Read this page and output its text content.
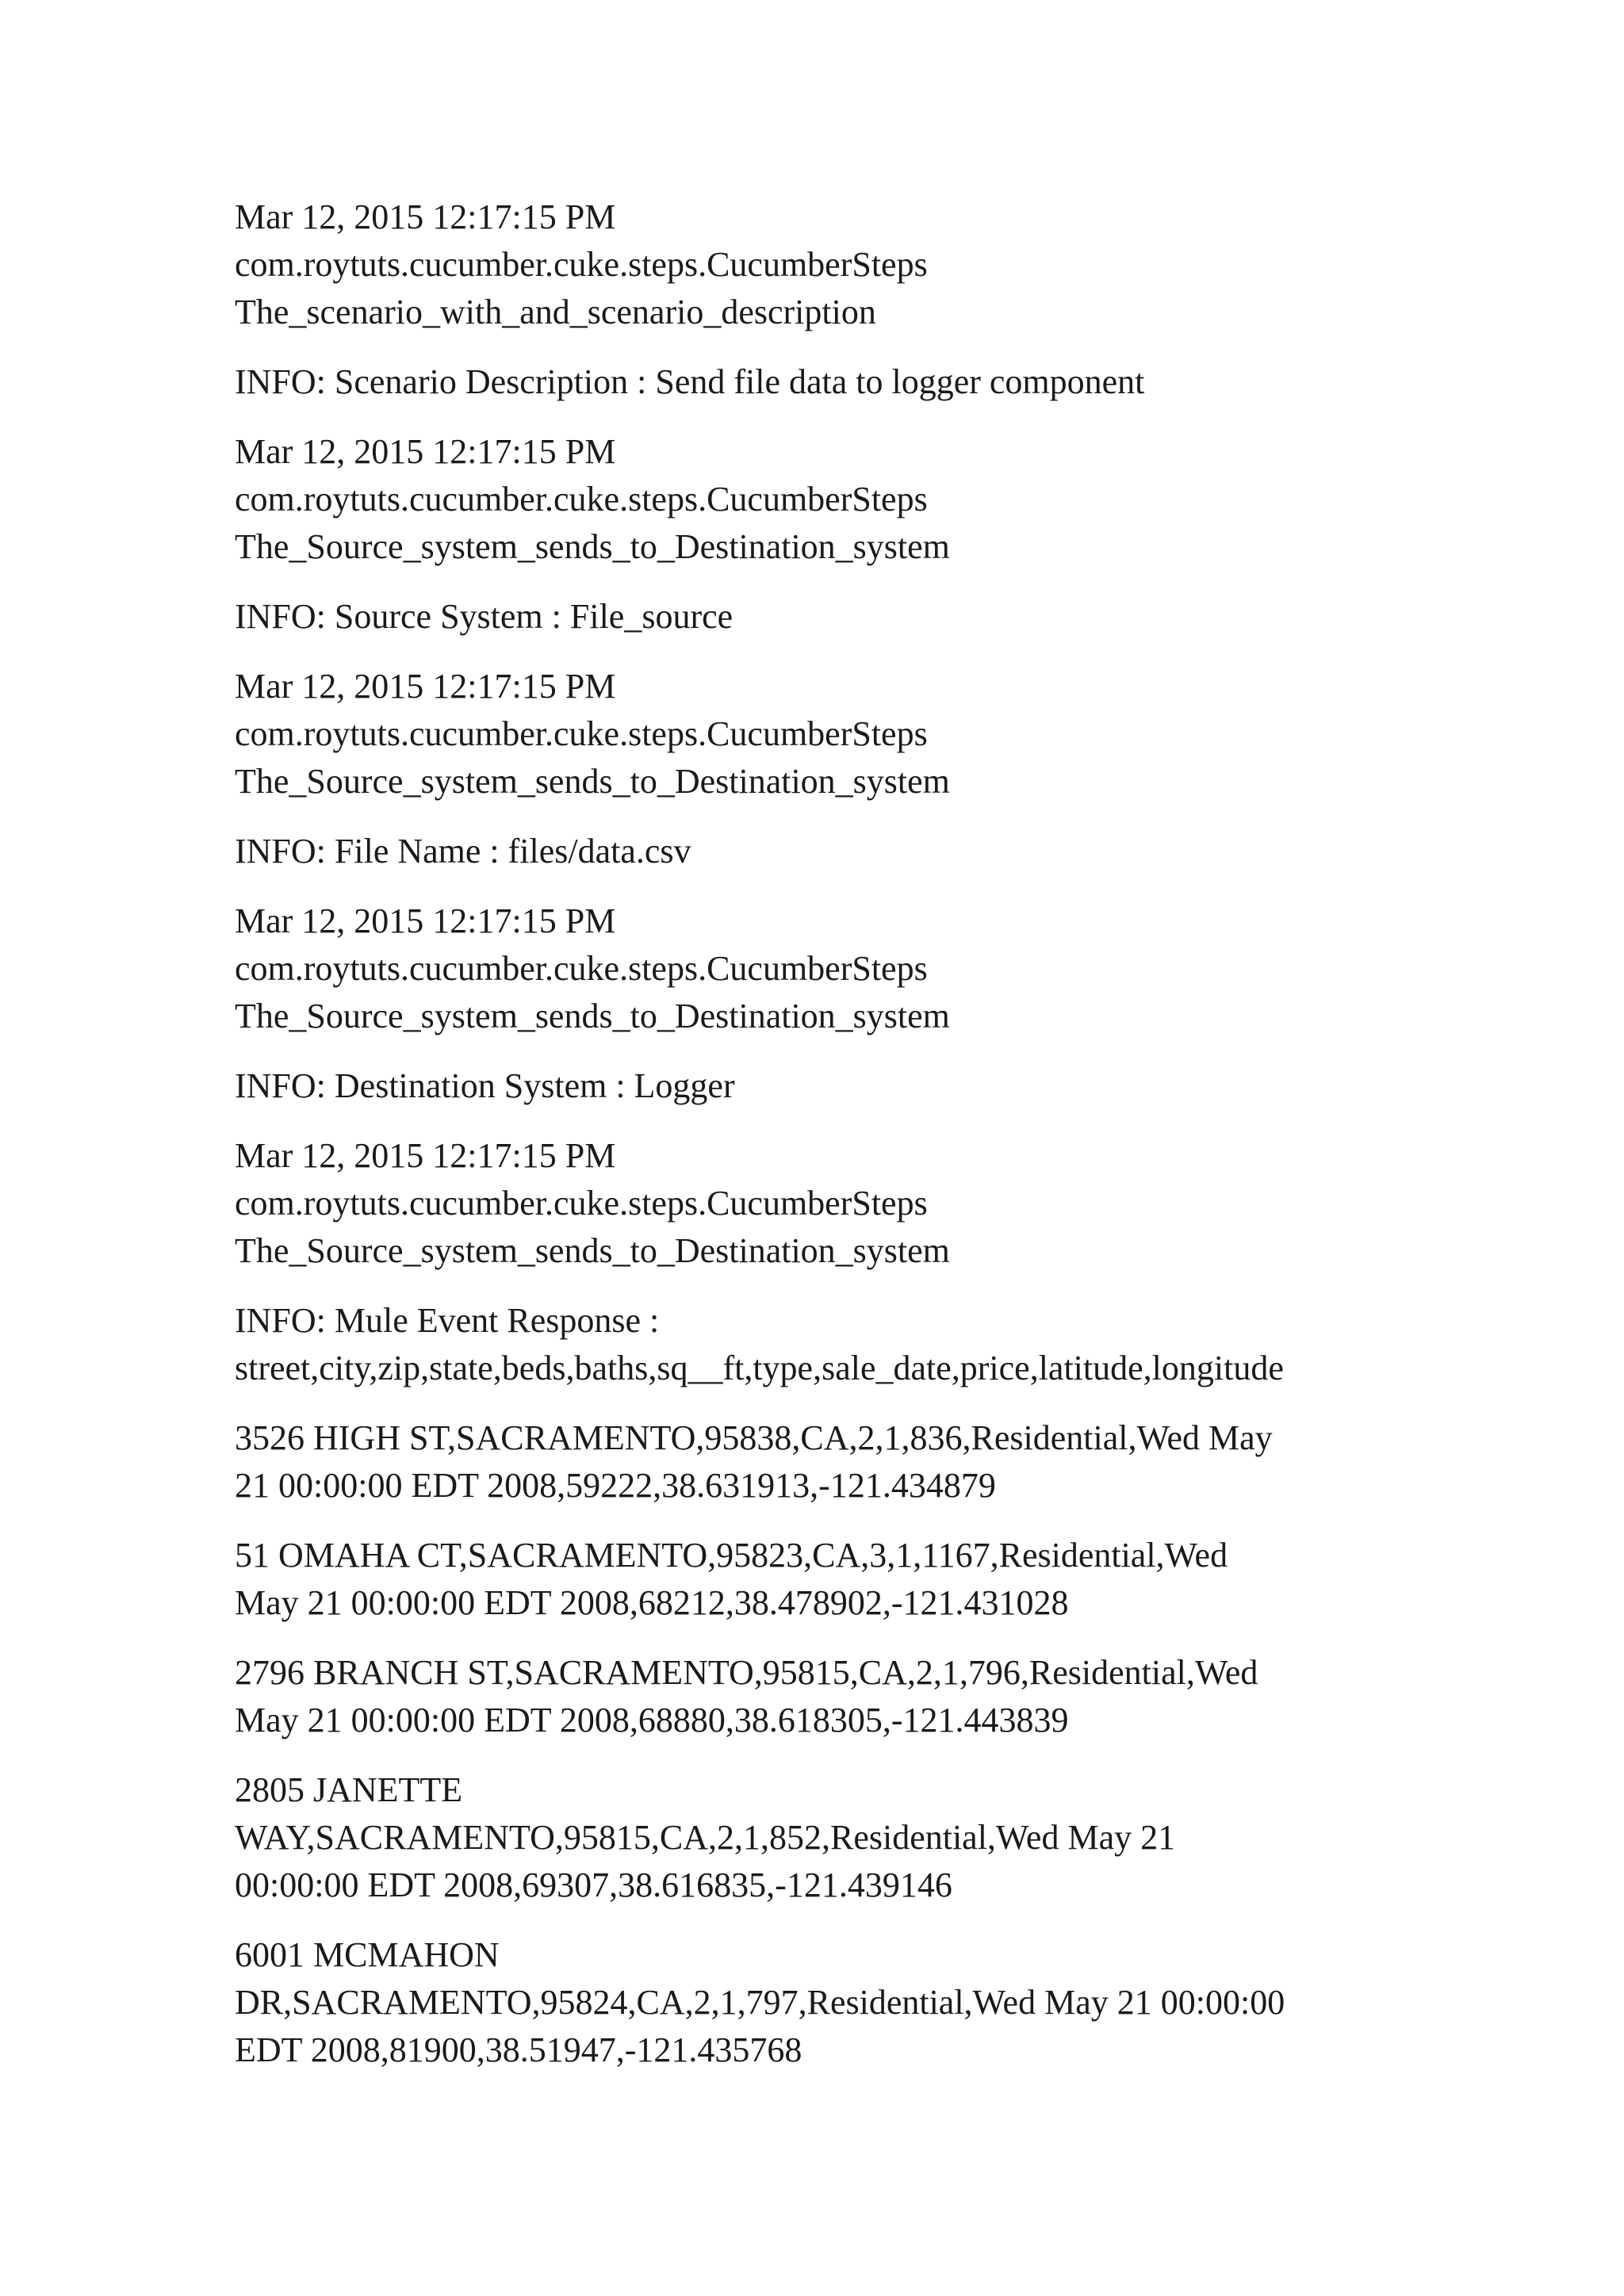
Mar 12, 2015 12:17:15 PM
com.roytuts.cucumber.cuke.steps.CucumberSteps
The_scenario_with_and_scenario_description
INFO: Scenario Description : Send file data to logger component
Mar 12, 2015 12:17:15 PM
com.roytuts.cucumber.cuke.steps.CucumberSteps
The_Source_system_sends_to_Destination_system
INFO: Source System : File_source
Mar 12, 2015 12:17:15 PM
com.roytuts.cucumber.cuke.steps.CucumberSteps
The_Source_system_sends_to_Destination_system
INFO: File Name : files/data.csv
Mar 12, 2015 12:17:15 PM
com.roytuts.cucumber.cuke.steps.CucumberSteps
The_Source_system_sends_to_Destination_system
INFO: Destination System : Logger
Mar 12, 2015 12:17:15 PM
com.roytuts.cucumber.cuke.steps.CucumberSteps
The_Source_system_sends_to_Destination_system
INFO: Mule Event Response :
street,city,zip,state,beds,baths,sq__ft,type,sale_date,price,latitude,longitude
3526 HIGH ST,SACRAMENTO,95838,CA,2,1,836,Residential,Wed May
21 00:00:00 EDT 2008,59222,38.631913,-121.434879
51 OMAHA CT,SACRAMENTO,95823,CA,3,1,1167,Residential,Wed
May 21 00:00:00 EDT 2008,68212,38.478902,-121.431028
2796 BRANCH ST,SACRAMENTO,95815,CA,2,1,796,Residential,Wed
May 21 00:00:00 EDT 2008,68880,38.618305,-121.443839
2805 JANETTE
WAY,SACRAMENTO,95815,CA,2,1,852,Residential,Wed May 21
00:00:00 EDT 2008,69307,38.616835,-121.439146
6001 MCMAHON
DR,SACRAMENTO,95824,CA,2,1,797,Residential,Wed May 21 00:00:00
EDT 2008,81900,38.51947,-121.435768
